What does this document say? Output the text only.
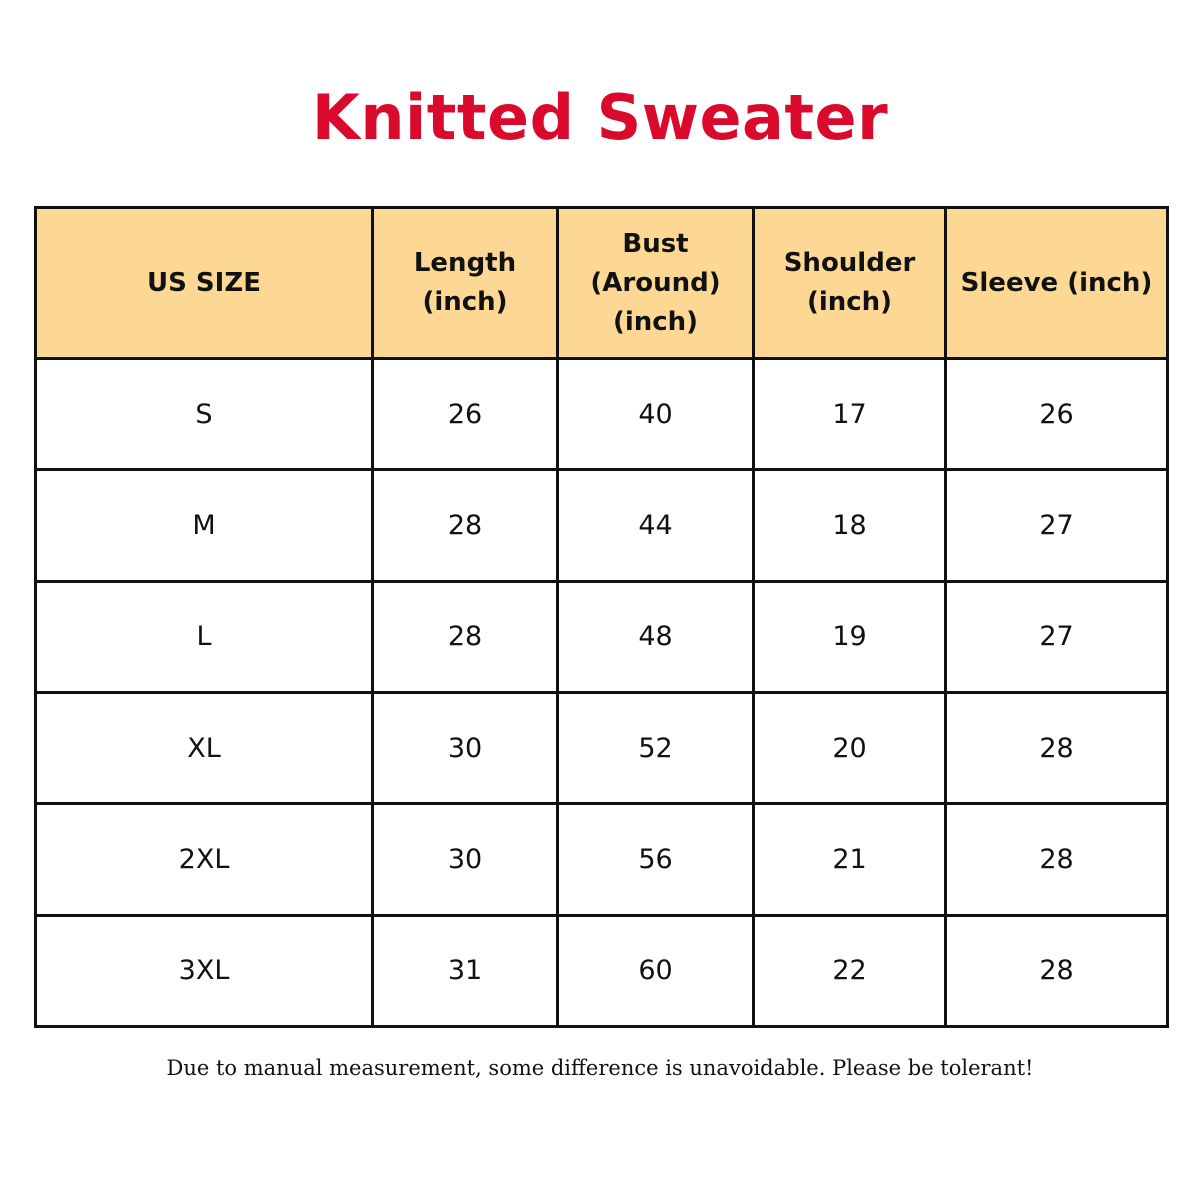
Knitted Sweater
US SIZE	Length (inch)	Bust (Around) (inch)	Shoulder (inch)	Sleeve (inch)
S	26	40	17	26
M	28	44	18	27
L	28	48	19	27
XL	30	52	20	28
2XL	30	56	21	28
3XL	31	60	22	28
Due to manual measurement, some difference is unavoidable. Please be tolerant!
